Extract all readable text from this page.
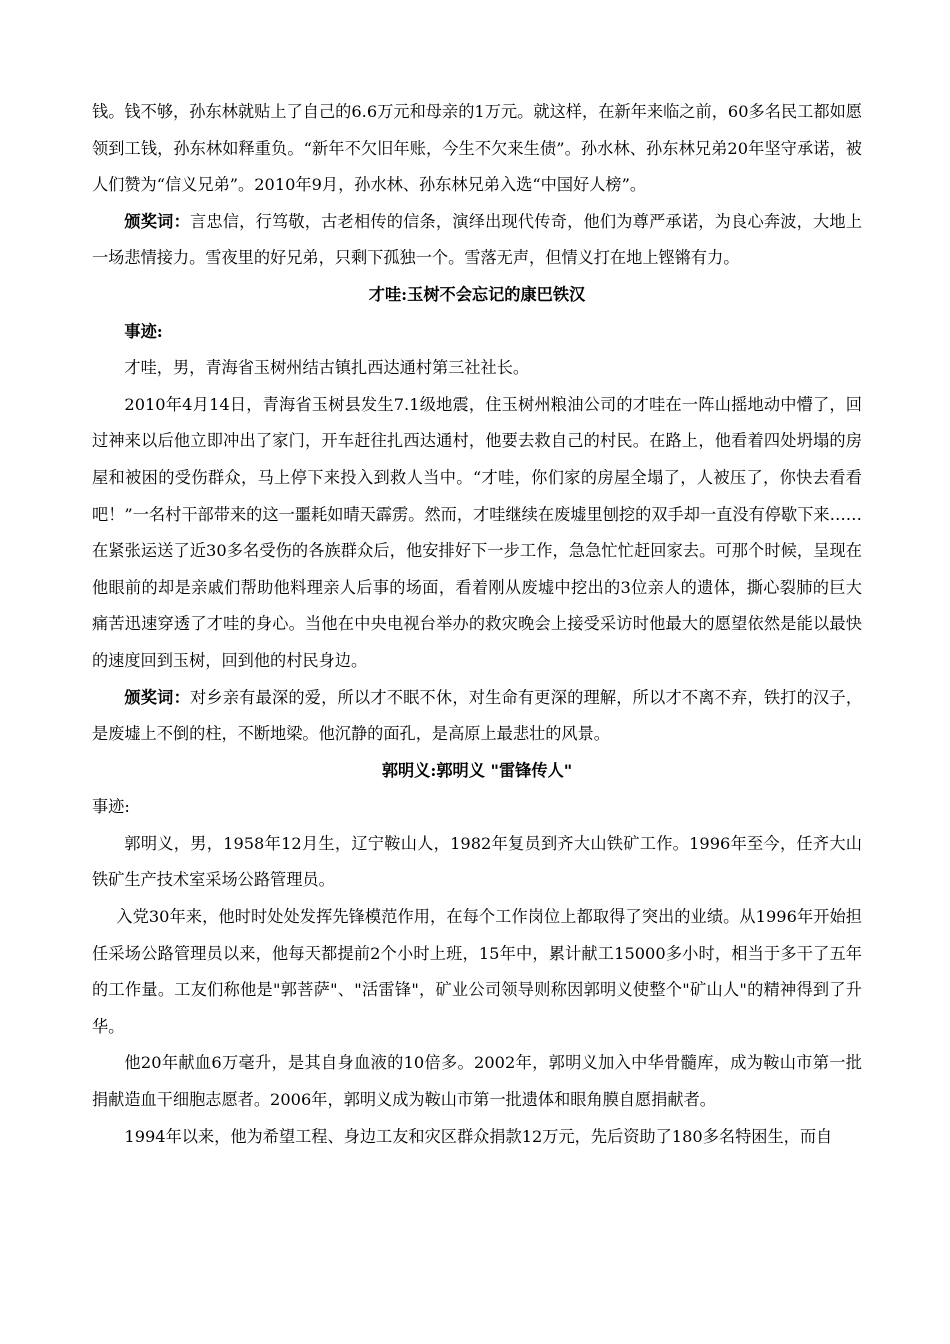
钱。钱不够，孙东林就贴上了自己的6.6万元和母亲的1万元。就这样，在新年来临之前，60多名民工都如愿领到工钱，孙东林如释重负。“新年不欠旧年账，今生不欠来生债”。孙水林、孙东林兄弟20年坚守承诺，被人们赞为“信义兄弟”。2010年9月，孙水林、孙东林兄弟入选“中国好人榜”。

颁奖词：言忠信，行笃敬，古老相传的信条，演绎出现代传奇，他们为尊严承诺，为良心奔波，大地上一场悲情接力。雪夜里的好兄弟，只剩下孤独一个。雪落无声，但情义打在地上铿锵有力。

才哇:玉树不会忘记的康巴铁汉

事迹:

才哇，男，青海省玉树州结古镇扎西达通村第三社社长。

2010年4月14日，青海省玉树县发生7.1级地震，住玉树州粮油公司的才哇在一阵山摇地动中懵了，回过神来以后他立即冲出了家门，开车赶往扎西达通村，他要去救自己的村民。在路上，他看着四处坍塌的房屋和被困的受伤群众，马上停下来投入到救人当中。“才哇，你们家的房屋全塌了，人被压了，你快去看看吧！”一名村干部带来的这一噩耗如晴天霹雳。然而，才哇继续在废墟里刨挖的双手却一直没有停歇下来……在紧张运送了近30多名受伤的各族群众后，他安排好下一步工作，急急忙忙赶回家去。可那个时候，呈现在他眼前的却是亲戚们帮助他料理亲人后事的场面，看着刚从废墟中挖出的3位亲人的遗体，撕心裂肺的巨大痛苦迅速穿透了才哇的身心。当他在中央电视台举办的救灾晚会上接受采访时他最大的愿望依然是能以最快的速度回到玉树，回到他的村民身边。

颁奖词：对乡亲有最深的爱，所以才不眠不休，对生命有更深的理解，所以才不离不弃，铁打的汉子，是废墟上不倒的柱，不断地梁。他沉静的面孔，是高原上最悲壮的风景。

郭明义:郭明义 "雷锋传人"

事迹:

郭明义，男，1958年12月生，辽宁鞍山人，1982年复员到齐大山铁矿工作。1996年至今，任齐大山铁矿生产技术室采场公路管理员。

入党30年来，他时时处处发挥先锋模范作用，在每个工作岗位上都取得了突出的业绩。从1996年开始担任采场公路管理员以来，他每天都提前2个小时上班，15年中，累计献工15000多小时，相当于多干了五年的工作量。工友们称他是"郭菩萨"、"活雷锋"，矿业公司领导则称因郭明义使整个"矿山人"的精神得到了升华。

他20年献血6万毫升，是其自身血液的10倍多。2002年，郭明义加入中华骨髓库，成为鞍山市第一批捐献造血干细胞志愿者。2006年，郭明义成为鞍山市第一批遗体和眼角膜自愿捐献者。

1994年以来，他为希望工程、身边工友和灾区群众捐款12万元，先后资助了180多名特困生，而自
